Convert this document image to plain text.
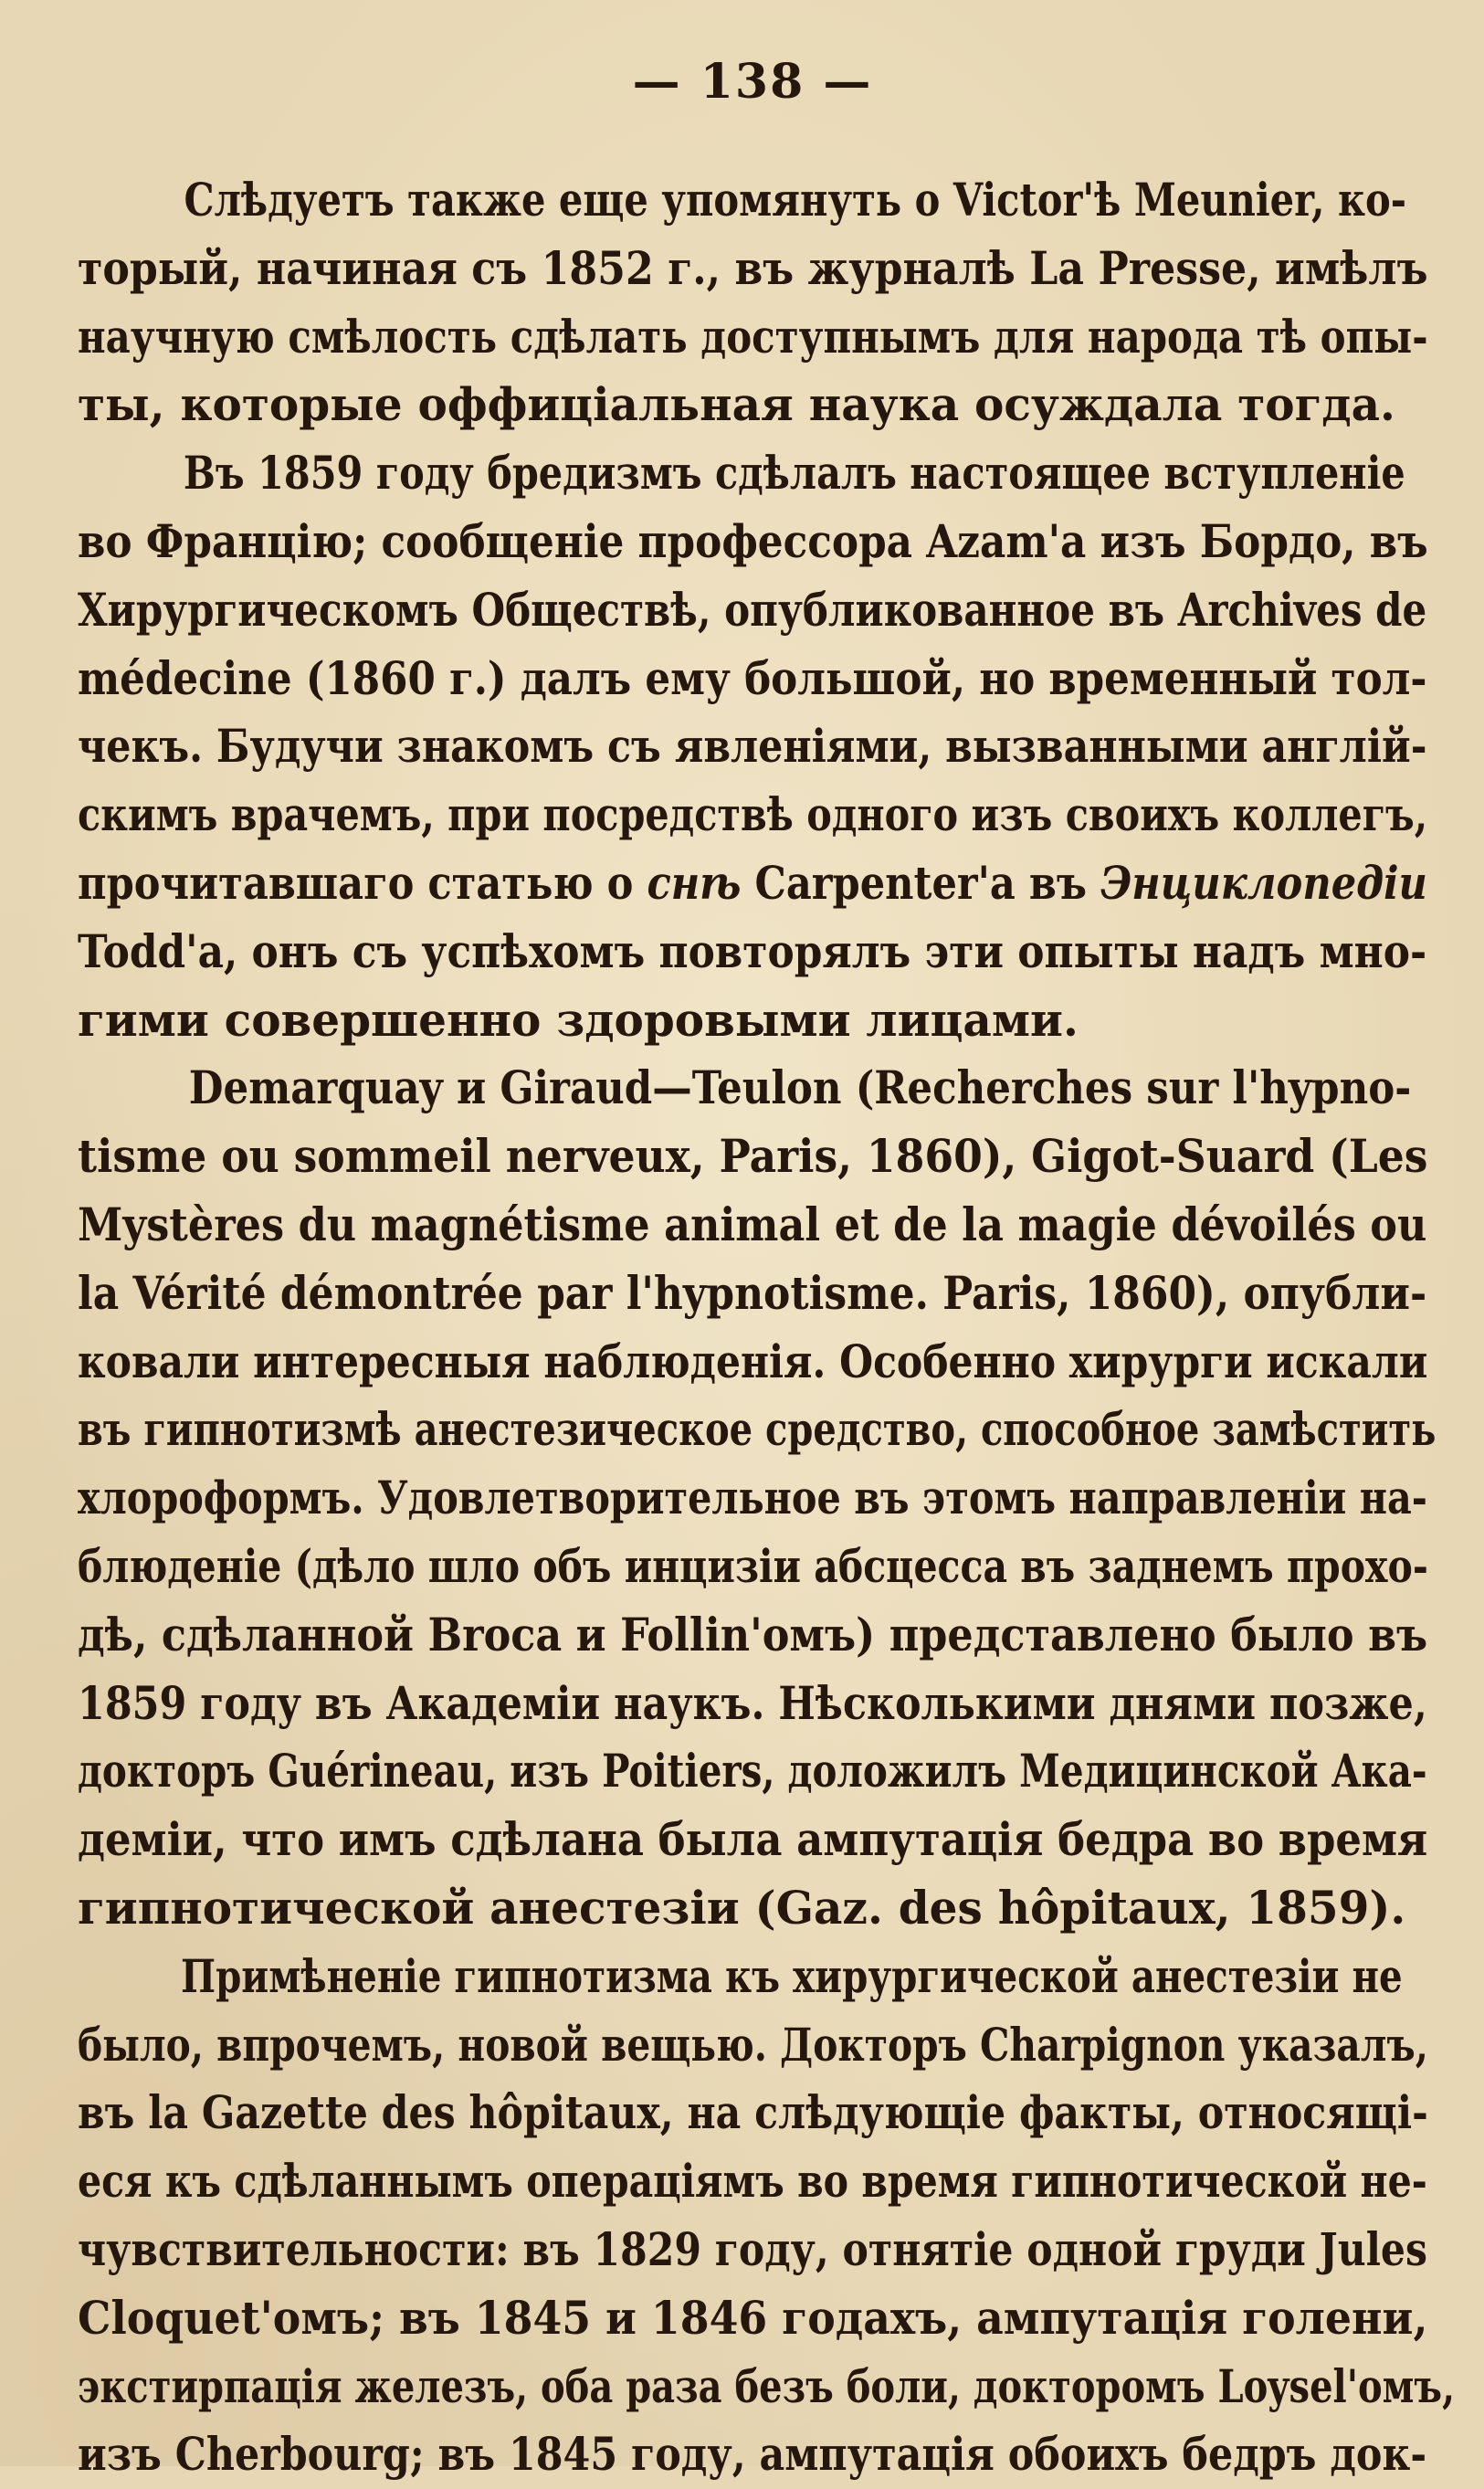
— 138 —
Слѣдуетъ также еще упомянуть о Victor'ѣ Meunier, ко-
торый, начиная съ 1852 г., въ журналѣ La Presse, имѣлъ
научную смѣлость сдѣлать доступнымъ для народа тѣ опы-
ты, которые оффиціальная наука осуждала тогда.
Въ 1859 году бредизмъ сдѣлалъ настоящее вступленіе
во Францію; сообщеніе профессора Azam'а изъ Бордо, въ
Хирургическомъ Обществѣ, опубликованное въ Archives de
médecine (1860 г.) далъ ему большой, но временный тол-
чекъ. Будучи знакомъ съ явленіями, вызванными англій-
скимъ врачемъ, при посредствѣ одного изъ своихъ коллегъ,
прочитавшаго статью о снѣ Carpenter'а въ Энциклопедіи
Todd'а, онъ съ успѣхомъ повторялъ эти опыты надъ мно-
гими совершенно здоровыми лицами.
Demarquay и Giraud—Teulon (Recherches sur l'hypno-
tisme ou sommeil nerveux, Paris, 1860), Gigot-Suard (Les
Mystères du magnétisme animal et de la magie dévoilés ou
la Vérité démontrée par l'hypnotisme. Paris, 1860), опубли-
ковали интересныя наблюденія. Особенно хирурги искали
въ гипнотизмѣ анестезическое средство, способное замѣстить
хлороформъ. Удовлетворительное въ этомъ направленіи на-
блюденіе (дѣло шло объ инцизіи абсцесса въ заднемъ прохо-
дѣ, сдѣланной Broca и Follin'омъ) представлено было въ
1859 году въ Академіи наукъ. Нѣсколькими днями позже,
докторъ Guérineau, изъ Poitiers, доложилъ Медицинской Ака-
деміи, что имъ сдѣлана была ампутація бедра во время
гипнотической анестезіи (Gaz. des hôpitaux, 1859).
Примѣненіе гипнотизма къ хирургической анестезіи не
было, впрочемъ, новой вещью. Докторъ Charpignon указалъ,
въ la Gazette des hôpitaux, на слѣдующіе факты, относящі-
еся къ сдѣланнымъ операціямъ во время гипнотической не-
чувствительности: въ 1829 году, отнятіе одной груди Jules
Cloquet'омъ; въ 1845 и 1846 годахъ, ампутація голени,
экстирпація железъ, оба раза безъ боли, докторомъ Loysel'омъ,
изъ Cherbourg; въ 1845 году, ампутація обоихъ бедръ док-
